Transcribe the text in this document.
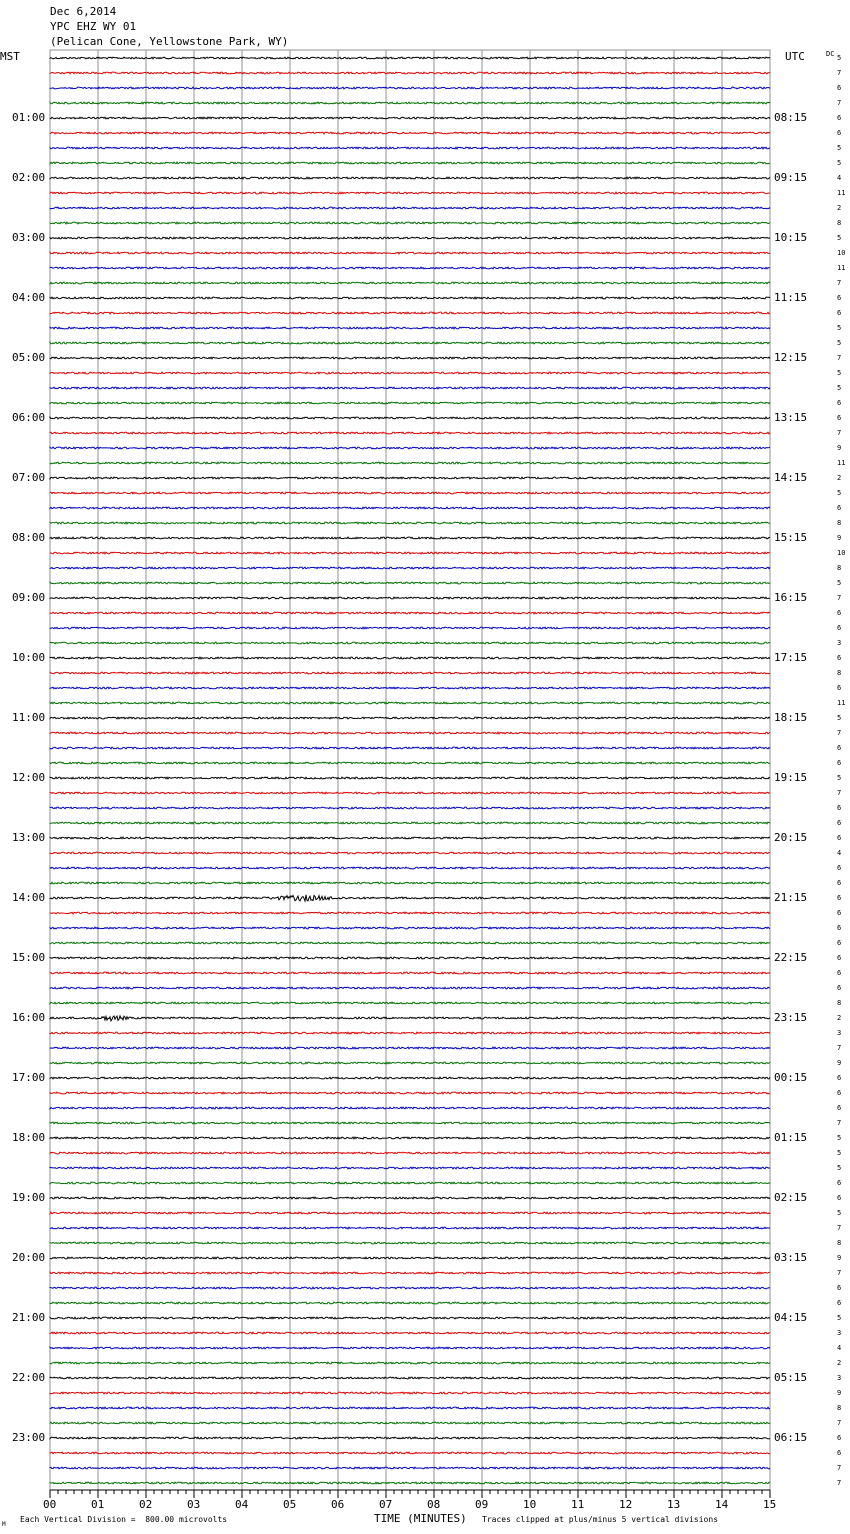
Dec 6,2014
YPC EHZ WY 01
(Pelican Cone, Yellowstone Park, WY)
MST	UTC	DC
01:00
02:00
03:00
04:00
05:00
06:00
07:00
08:00
09:00
10:00
11:00
12:00
13:00
14:00
15:00
16:00
17:00
18:00
19:00
20:00
21:00
22:00
23:00
08:15
09:15
10:15
11:15
12:15
13:15
14:15
15:15
16:15
17:15
18:15
19:15
20:15
21:15
22:15
23:15
00:15
01:15
02:15
03:15
04:15
05:15
06:15
5
7
6
7
6
6
5
5
4
11
2
8
5
10
11
7
6
6
5
5
7
5
5
6
6
7
9
11
2
5
6
8
9
10
8
5
7
6
6
3
6
8
6
11
5
7
6
6
5
7
6
6
6
4
6
6
6
6
6
6
6
6
6
8
2
3
7
9
6
6
6
7
5
5
5
6
6
5
7
8
9
7
6
6
5
3
4
2
3
9
8
7
6
6
7
7
00	01	02	03	04	05	06	07	08	09	10	11	12	13	14	15
M
Each Vertical Division =  800.00 microvolts	TIME (MINUTES) Traces clipped at plus/minus 5 vertical divisions
